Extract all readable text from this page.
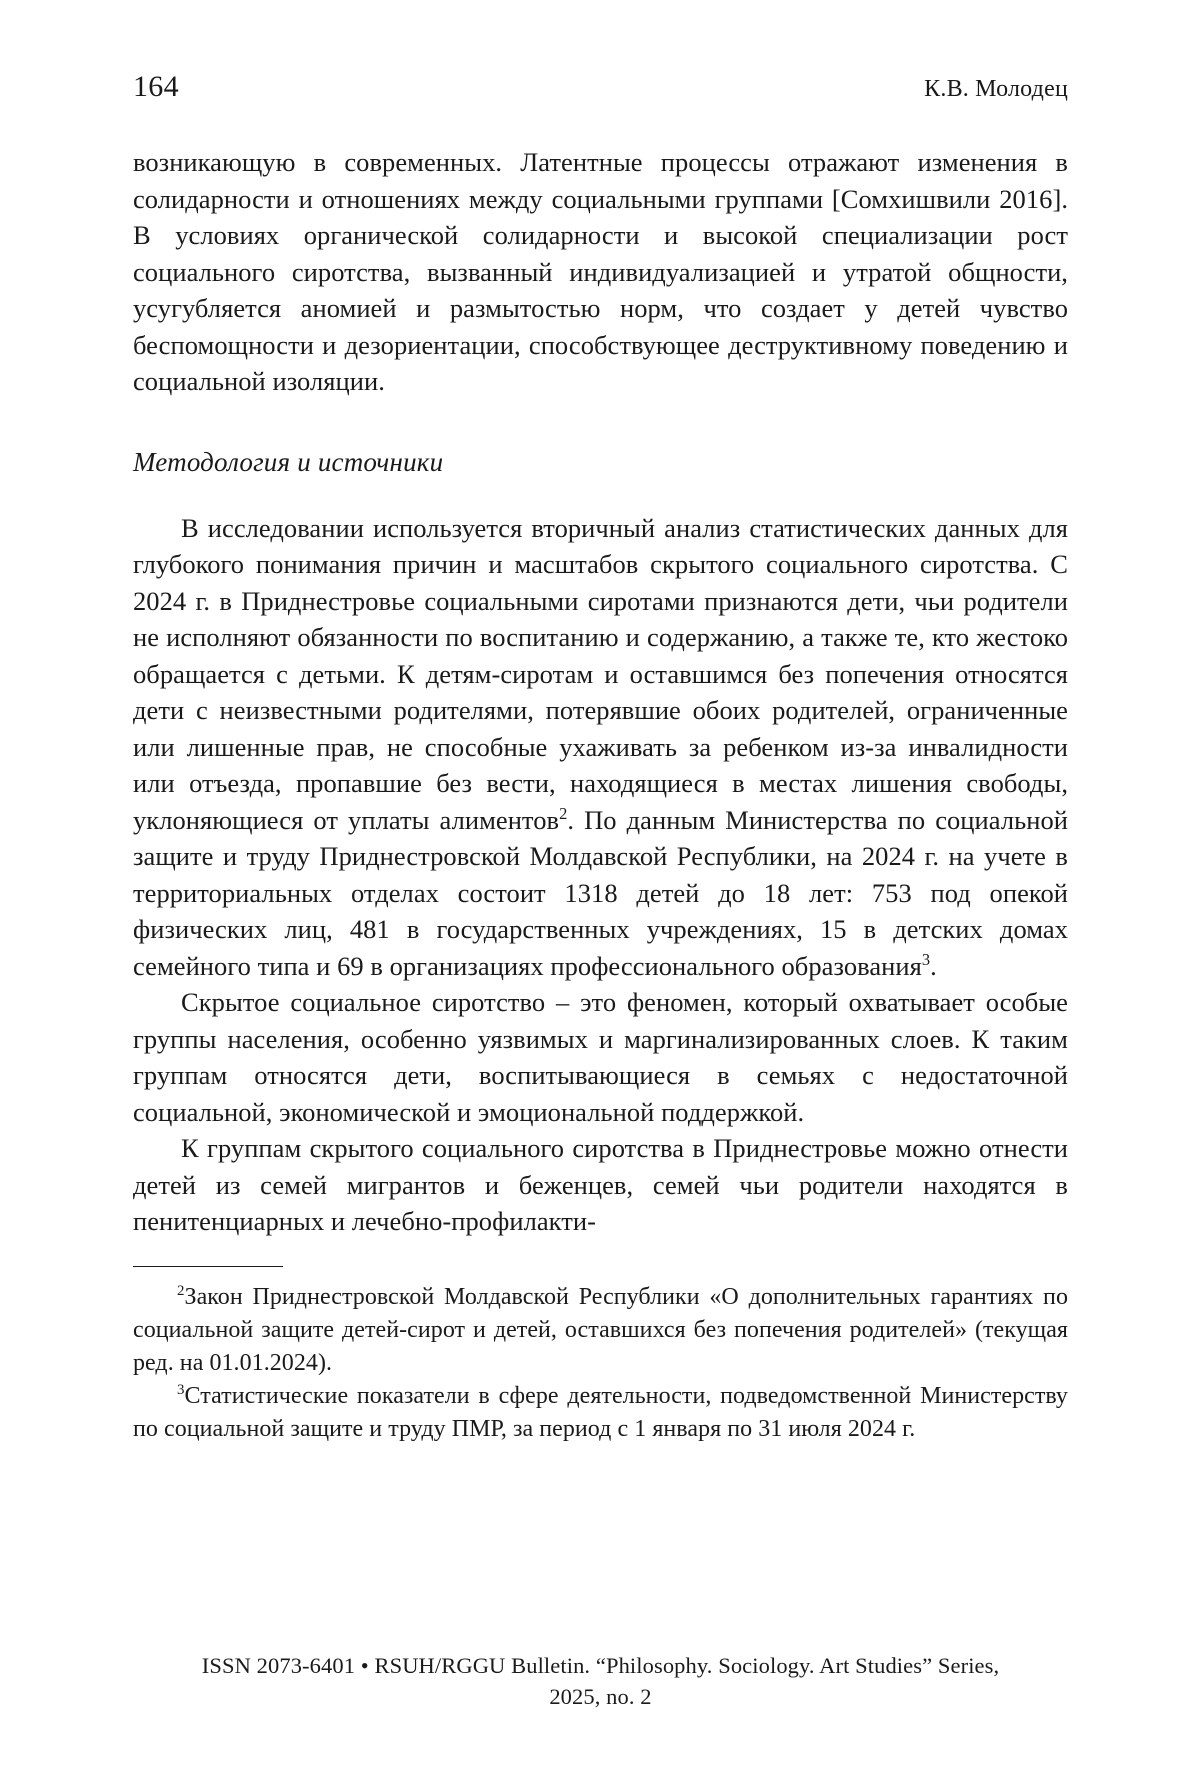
164	К.В. Молодец

возникающую в современных. Латентные процессы отражают изменения в солидарности и отношениях между социальными группами [Сомхишвили 2016]. В условиях органической солидарности и высокой специализации рост социального сиротства, вызванный индивидуализацией и утратой общности, усугубляется аномией и размытостью норм, что создает у детей чувство беспомощности и дезориентации, способствующее деструктивному поведению и социальной изоляции.

Методология и источники

В исследовании используется вторичный анализ статистических данных для глубокого понимания причин и масштабов скрытого социального сиротства. С 2024 г. в Приднестровье социальными сиротами признаются дети, чьи родители не исполняют обязанности по воспитанию и содержанию, а также те, кто жестоко обращается с детьми. К детям-сиротам и оставшимся без попечения относятся дети с неизвестными родителями, потерявшие обоих родителей, ограниченные или лишенные прав, не способные ухаживать за ребенком из-за инвалидности или отъезда, пропавшие без вести, находящиеся в местах лишения свободы, уклоняющиеся от уплаты алиментов$^2$. По данным Министерства по социальной защите и труду Приднестровской Молдавской Республики, на 2024 г. на учете в территориальных отделах состоит 1318 детей до 18 лет: 753 под опекой физических лиц, 481 в государственных учреждениях, 15 в детских домах семейного типа и 69 в организациях профессионального образования$^3$.

Скрытое социальное сиротство – это феномен, который охватывает особые группы населения, особенно уязвимых и маргинализированных слоев. К таким группам относятся дети, воспитывающиеся в семьях с недостаточной социальной, экономической и эмоциональной поддержкой.

К группам скрытого социального сиротства в Приднестровье можно отнести детей из семей мигрантов и беженцев, семей чьи родители находятся в пенитенциарных и лечебно-профилакти-

$^2$Закон Приднестровской Молдавской Республики «О дополнительных гарантиях по социальной защите детей-сирот и детей, оставшихся без попечения родителей» (текущая ред. на 01.01.2024).

$^3$Статистические показатели в сфере деятельности, подведомственной Министерству по социальной защите и труду ПМР, за период с 1 января по 31 июля 2024 г.

ISSN 2073-6401 • RSUH/RGGU Bulletin. “Philosophy. Sociology. Art Studies” Series,
2025, no. 2
